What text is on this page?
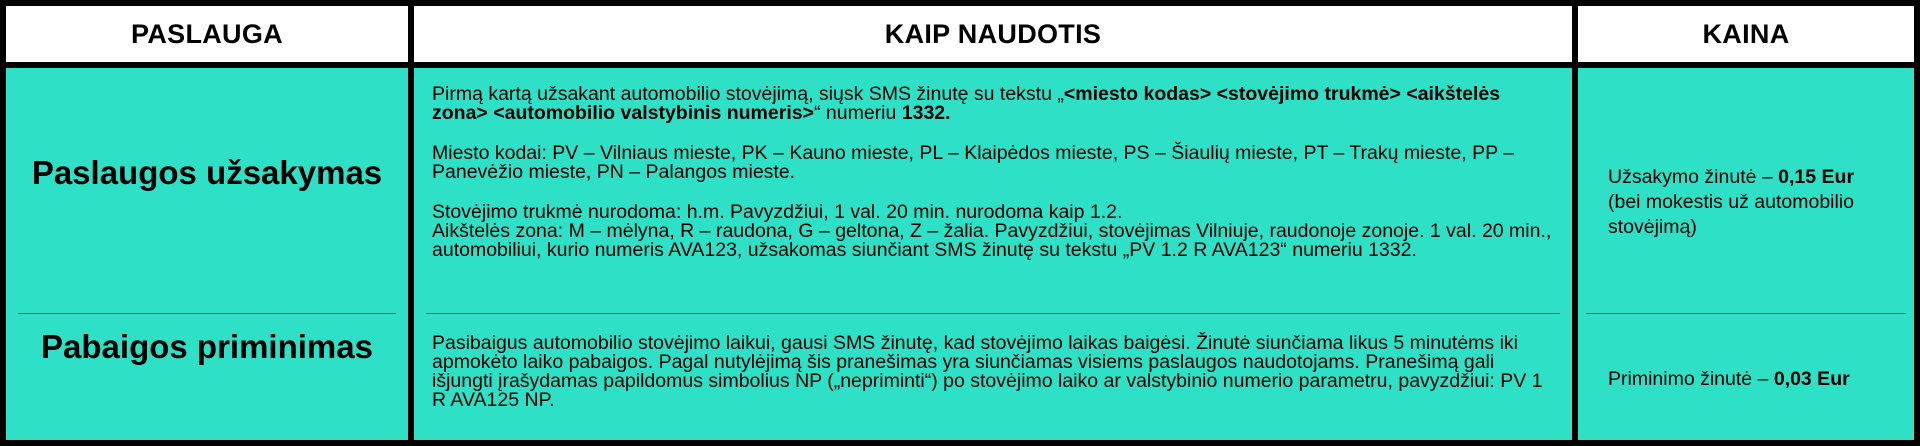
PASLAUGA	KAIP NAUDOTIS	KAINA
Paslaugos užsakymas
Pabaigos priminimas

Pirmą kartą užsakant automobilio stovėjimą, siųsk SMS žinutę su tekstu „<miesto kodas> <stovėjimo trukmė> <aikštelės zona> <automobilio valstybinis numeris>“ numeriu 1332.

Miesto kodai: PV – Vilniaus mieste, PK – Kauno mieste, PL – Klaipėdos mieste, PS – Šiaulių mieste, PT – Trakų mieste, PP – Panevėžio mieste, PN – Palangos mieste.

Stovėjimo trukmė nurodoma: h.m. Pavyzdžiui, 1 val. 20 min. nurodoma kaip 1.2.

Aikštelės zona: M – mėlyna, R – raudona, G – geltona, Z – žalia. Pavyzdžiui, stovėjimas Vilniuje, raudonoje zonoje. 1 val. 20 min., automobiliui, kurio numeris AVA123, užsakomas siunčiant SMS žinutę su tekstu „PV 1.2 R AVA123“ numeriu 1332.

Pasibaigus automobilio stovėjimo laikui, gausi SMS žinutę, kad stovėjimo laikas baigėsi. Žinutė siunčiama likus 5 minutėms iki apmokėto laiko pabaigos. Pagal nutylėjimą šis pranešimas yra siunčiamas visiems paslaugos naudotojams. Pranešimą gali išjungti įrašydamas papildomus simbolius NP („nepriminti“) po stovėjimo laiko ar valstybinio numerio parametru, pavyzdžiui: PV 1 R AVA125 NP.

Užsakymo žinutė – 0,15 Eur
(bei mokestis už automobilio stovėjimą)
Priminimo žinutė – 0,03 Eur
